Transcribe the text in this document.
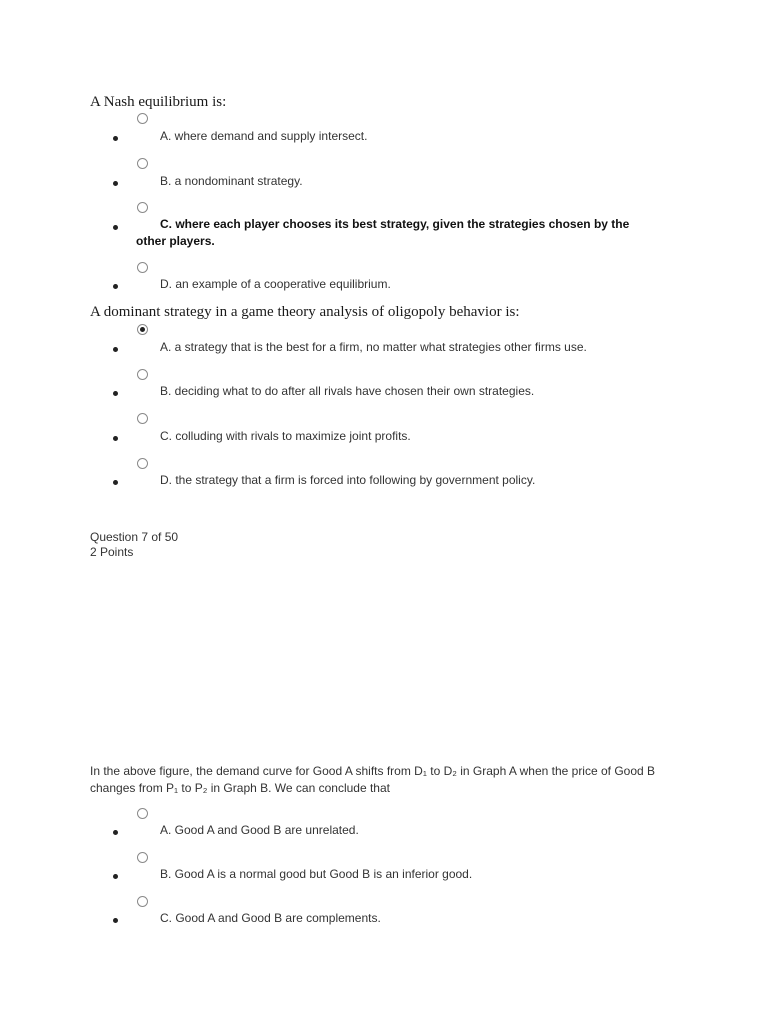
A Nash equilibrium is:
A. where demand and supply intersect.
B. a nondominant strategy.
C. where each player chooses its best strategy, given the strategies chosen by the
other players.
D. an example of a cooperative equilibrium.
A dominant strategy in a game theory analysis of oligopoly behavior is:
A. a strategy that is the best for a firm, no matter what strategies other firms use.
B. deciding what to do after all rivals have chosen their own strategies.
C. colluding with rivals to maximize joint profits.
D. the strategy that a firm is forced into following by government policy.
Question 7 of 50
2 Points
In the above figure, the demand curve for Good A shifts from D₁ to D₂ in Graph A when the price of Good B changes from P₁ to P₂ in Graph B. We can conclude that
A. Good A and Good B are unrelated.
B. Good A is a normal good but Good B is an inferior good.
C. Good A and Good B are complements.
